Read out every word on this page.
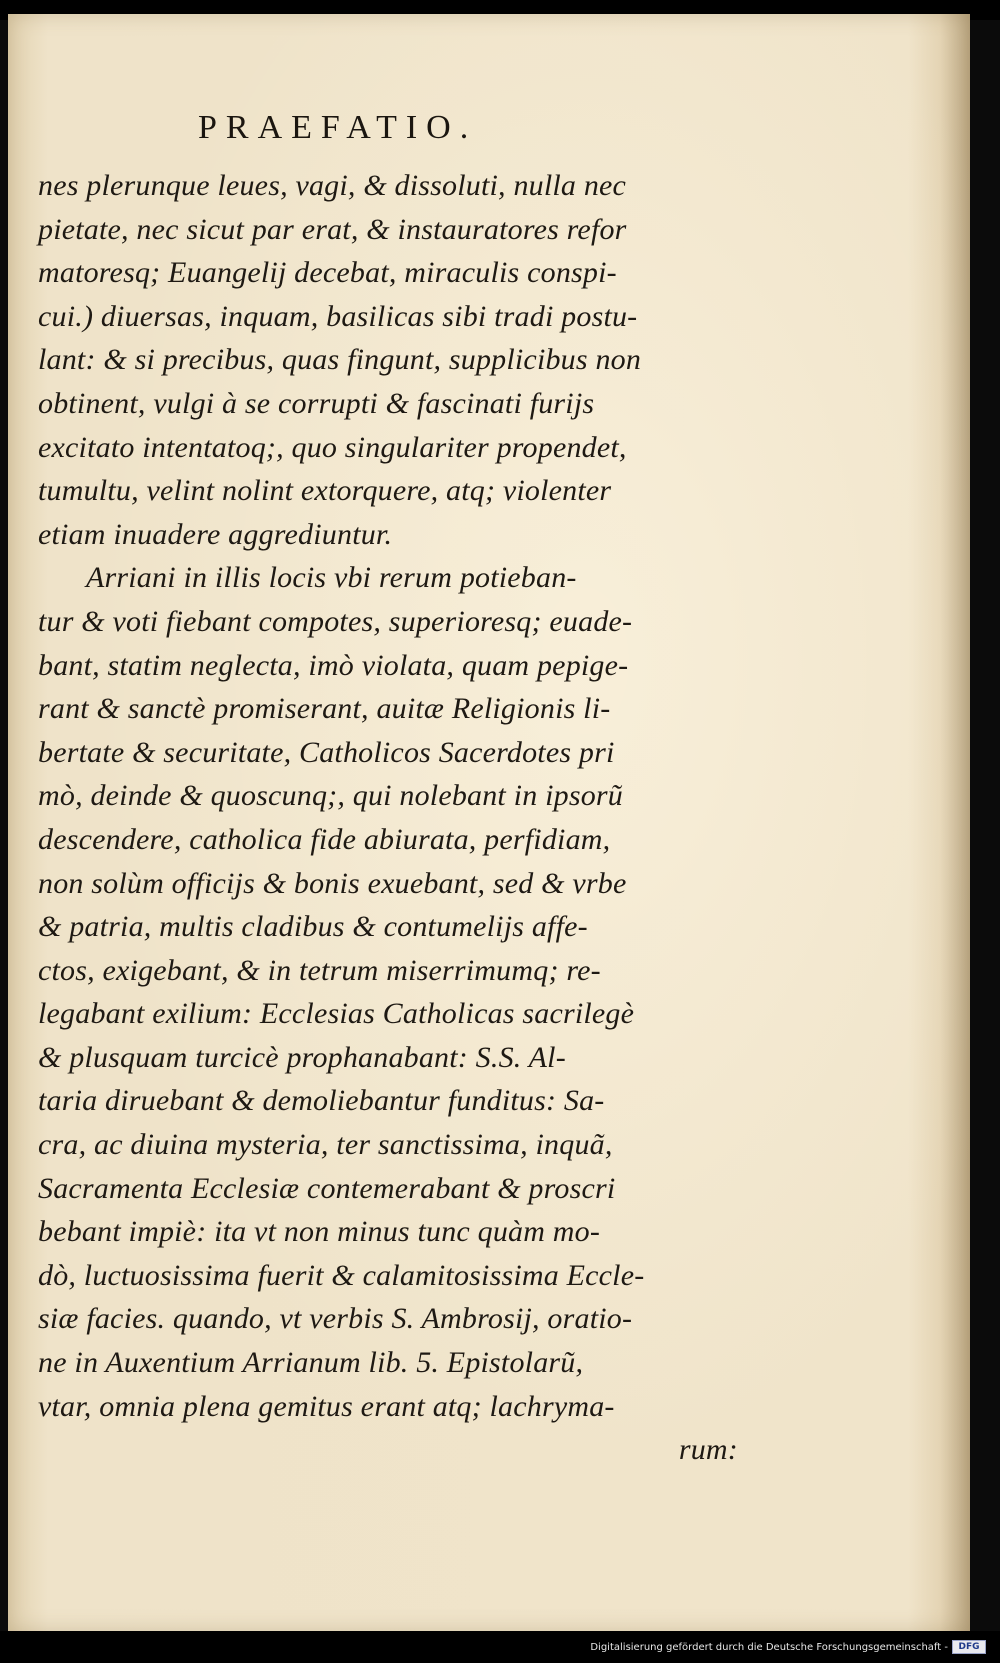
PRAEFATIO.
nes plerunque leues, vagi, & dissoluti, nulla nec
pietate, nec sicut par erat, & instauratores refor
matoresq; Euangelij decebat, miraculis conspi-
cui.) diuersas, inquam, basilicas sibi tradi postu-
lant: & si precibus, quas fingunt, supplicibus non
obtinent, vulgi à se corrupti & fascinati furijs
excitato intentatoq;, quo singulariter propendet,
tumultu, velint nolint extorquere, atq; violenter
etiam inuadere aggrediuntur.
Arriani in illis locis vbi rerum potieban-
tur & voti fiebant compotes, superioresq; euade-
bant, statim neglecta, imò violata, quam pepige-
rant & sanctè promiserant, auitæ Religionis li-
bertate & securitate, Catholicos Sacerdotes pri
mò, deinde & quoscunq;, qui nolebant in ipsorũ
descendere, catholica fide abiurata, perfidiam,
non solùm officijs & bonis exuebant, sed & vrbe
& patria, multis cladibus & contumelijs affe-
ctos, exigebant, & in tetrum miserrimumq; re-
legabant exilium: Ecclesias Catholicas sacrilegè
& plusquam turcicè prophanabant: S.S. Al-
taria diruebant & demoliebantur funditus: Sa-
cra, ac diuina mysteria, ter sanctissima, inquã,
Sacramenta Ecclesiæ contemerabant & proscri
bebant impiè: ita vt non minus tunc quàm mo-
dò, luctuosissima fuerit & calamitosissima Eccle-
siæ facies. quando, vt verbis S. Ambrosij, oratio-
ne in Auxentium Arrianum lib. 5. Epistolarũ,
vtar, omnia plena gemitus erant atq; lachryma-
rum:
Digitalisierung gefördert durch die Deutsche Forschungsgemeinschaft -	DFG
